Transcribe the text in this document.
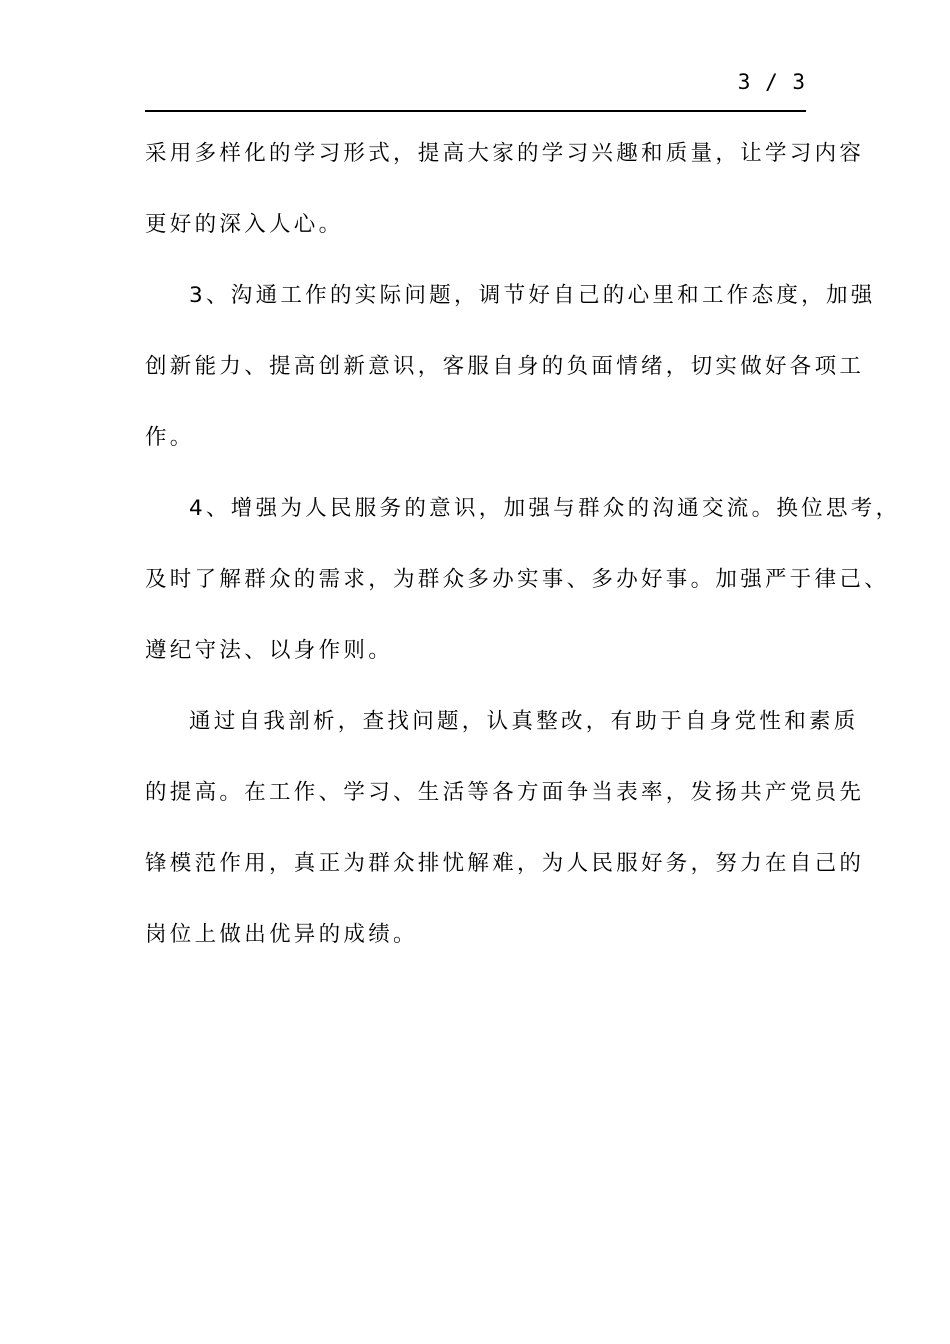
3 / 3
采用多样化的学习形式，提高大家的学习兴趣和质量，让学习内容
更好的深入人心。
3、沟通工作的实际问题，调节好自己的心里和工作态度，加强
创新能力、提高创新意识，客服自身的负面情绪，切实做好各项工
作。
4、增强为人民服务的意识，加强与群众的沟通交流。换位思考，
及时了解群众的需求，为群众多办实事、多办好事。加强严于律己、
遵纪守法、以身作则。
通过自我剖析，查找问题，认真整改，有助于自身党性和素质
的提高。在工作、学习、生活等各方面争当表率，发扬共产党员先
锋模范作用，真正为群众排忧解难，为人民服好务，努力在自己的
岗位上做出优异的成绩。
